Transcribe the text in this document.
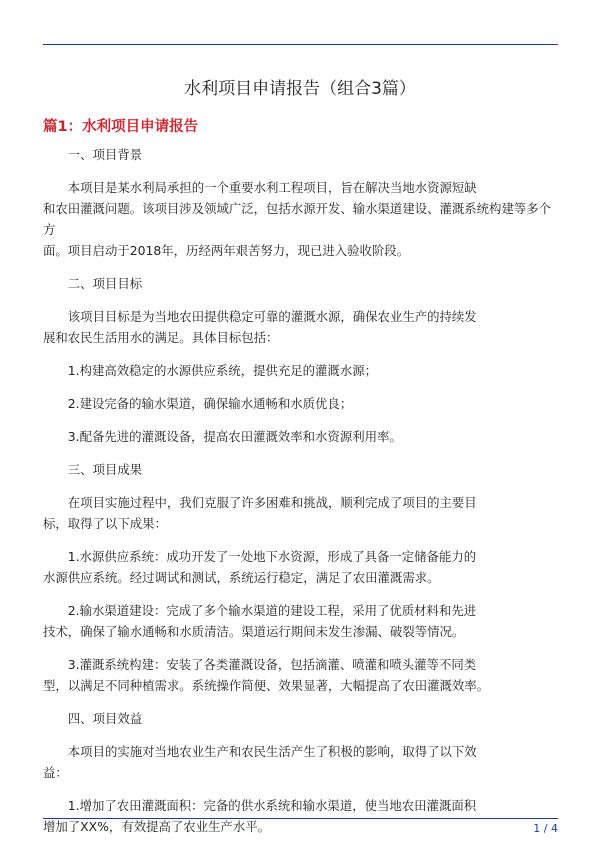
水利项目申请报告（组合3篇）
篇1：水利项目申请报告

一、项目背景

本项目是某水利局承担的一个重要水利工程项目，旨在解决当地水资源短缺
和农田灌溉问题。该项目涉及领域广泛，包括水源开发、输水渠道建设、灌溉系统构建等多个方
面。项目启动于2018年，历经两年艰苦努力，现已进入验收阶段。

二、项目目标

该项目目标是为当地农田提供稳定可靠的灌溉水源，确保农业生产的持续发
展和农民生活用水的满足。具体目标包括：

1.构建高效稳定的水源供应系统，提供充足的灌溉水源；

2.建设完备的输水渠道，确保输水通畅和水质优良；

3.配备先进的灌溉设备，提高农田灌溉效率和水资源利用率。

三、项目成果

在项目实施过程中，我们克服了许多困难和挑战，顺利完成了项目的主要目
标，取得了以下成果：

1.水源供应系统：成功开发了一处地下水资源，形成了具备一定储备能力的
水源供应系统。经过调试和测试，系统运行稳定，满足了农田灌溉需求。

2.输水渠道建设：完成了多个输水渠道的建设工程，采用了优质材料和先进
技术，确保了输水通畅和水质清洁。渠道运行期间未发生渗漏、破裂等情况。

3.灌溉系统构建：安装了各类灌溉设备，包括滴灌、喷灌和喷头灌等不同类
型，以满足不同种植需求。系统操作简便、效果显著，大幅提高了农田灌溉效率。

四、项目效益

本项目的实施对当地农业生产和农民生活产生了积极的影响，取得了以下效
益：

1.增加了农田灌溉面积：完备的供水系统和输水渠道，使当地农田灌溉面积
增加了XX%，有效提高了农业生产水平。	1 / 4
